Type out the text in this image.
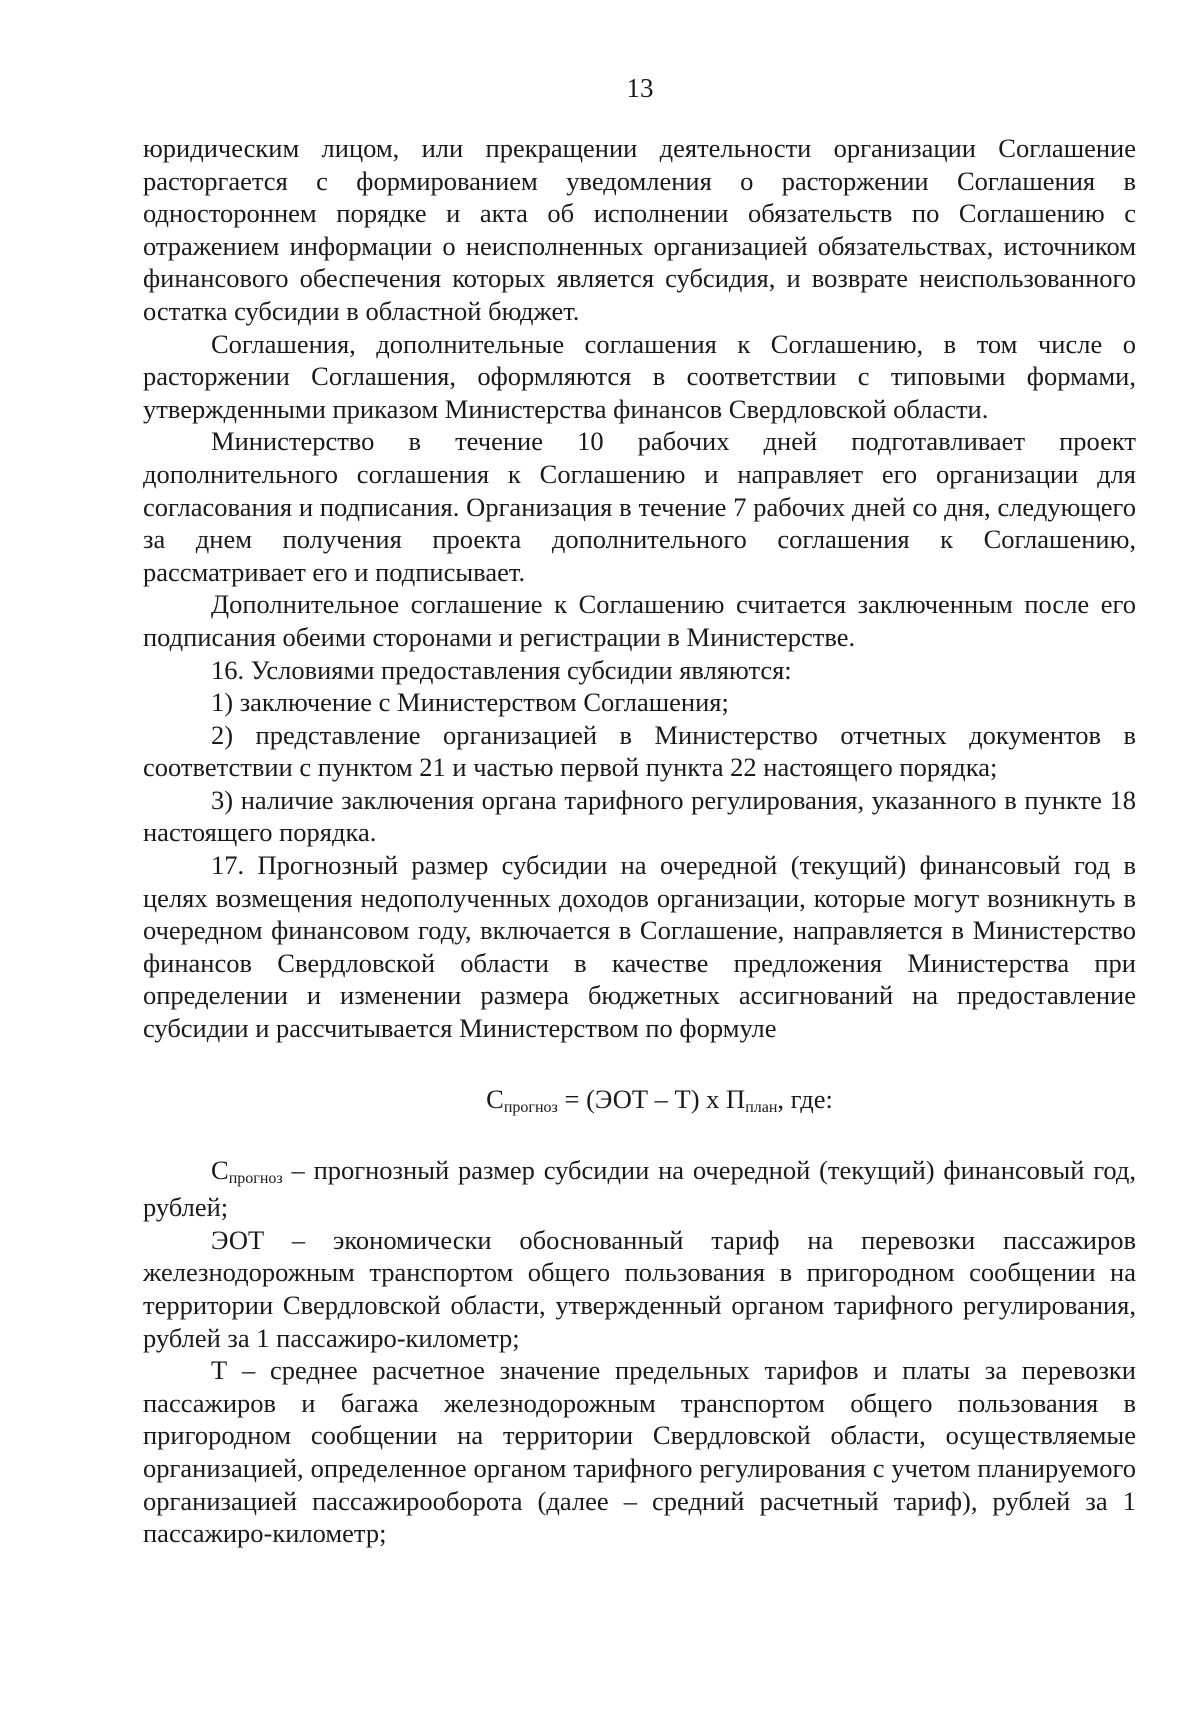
13

юридическим лицом, или прекращении деятельности организации Соглашение расторгается с формированием уведомления о расторжении Соглашения в одностороннем порядке и акта об исполнении обязательств по Соглашению с отражением информации о неисполненных организацией обязательствах, источником финансового обеспечения которых является субсидия, и возврате неиспользованного остатка субсидии в областной бюджет.

Соглашения, дополнительные соглашения к Соглашению, в том числе о расторжении Соглашения, оформляются в соответствии с типовыми формами, утвержденными приказом Министерства финансов Свердловской области.

Министерство в течение 10 рабочих дней подготавливает проект дополнительного соглашения к Соглашению и направляет его организации для согласования и подписания. Организация в течение 7 рабочих дней со дня, следующего за днем получения проекта дополнительного соглашения к Соглашению, рассматривает его и подписывает.

Дополнительное соглашение к Соглашению считается заключенным после его подписания обеими сторонами и регистрации в Министерстве.

16. Условиями предоставления субсидии являются:

1) заключение с Министерством Соглашения;

2) представление организацией в Министерство отчетных документов в соответствии с пунктом 21 и частью первой пункта 22 настоящего порядка;

3) наличие заключения органа тарифного регулирования, указанного в пункте 18 настоящего порядка.

17. Прогнозный размер субсидии на очередной (текущий) финансовый год в целях возмещения недополученных доходов организации, которые могут возникнуть в очередном финансовом году, включается в Соглашение, направляется в Министерство финансов Свердловской области в качестве предложения Министерства при определении и изменении размера бюджетных ассигнований на предоставление субсидии и рассчитывается Министерством по формуле

Спрогноз = (ЭОТ – Т) x Пплан, где:

Спрогноз – прогнозный размер субсидии на очередной (текущий) финансовый год, рублей;

ЭОТ – экономически обоснованный тариф на перевозки пассажиров железнодорожным транспортом общего пользования в пригородном сообщении на территории Свердловской области, утвержденный органом тарифного регулирования, рублей за 1 пассажиро-километр;

Т – среднее расчетное значение предельных тарифов и платы за перевозки пассажиров и багажа железнодорожным транспортом общего пользования в пригородном сообщении на территории Свердловской области, осуществляемые организацией, определенное органом тарифного регулирования с учетом планируемого организацией пассажирооборота (далее – средний расчетный тариф), рублей за 1 пассажиро-километр;
